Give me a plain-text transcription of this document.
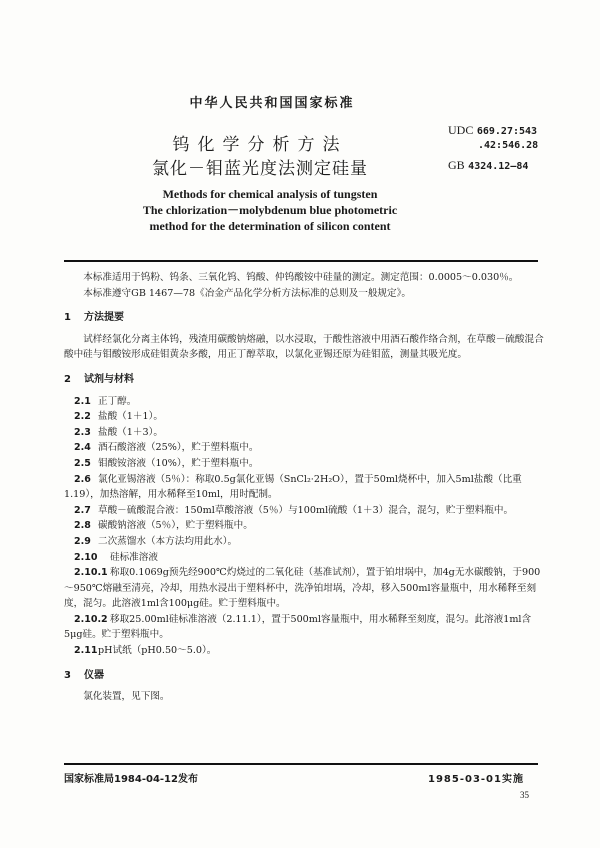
中华人民共和国国家标准
钨化学分析方法
氯化－钼蓝光度法测定硅量
UDC 669.27:543
.42:546.28
GB 4324.12—84
Methods for chemical analysis of tungsten
The chlorization－molybdenum blue photometric
method for the determination of silicon content

本标准适用于钨粉、钨条、三氧化钨、钨酸、仲钨酸铵中硅量的测定。测定范围：0.0005～0.030％。

本标准遵守GB 1467—78《冶金产品化学分析方法标准的总则及一般规定》。

1 方法提要

试样经氯化分离主体钨，残渣用碳酸钠熔融，以水浸取，于酸性溶液中用酒石酸作络合剂，在草酸－硫酸混合酸中硅与钼酸铵形成硅钼黄杂多酸，用正丁醇萃取，以氯化亚锡还原为硅钼蓝，测量其吸光度。

2 试剂与材料

2.1 正丁醇。

2.2 盐酸（1＋1）。

2.3 盐酸（1＋3）。

2.4 酒石酸溶液（25%），贮于塑料瓶中。

2.5 钼酸铵溶液（10%），贮于塑料瓶中。

2.6 氯化亚锡溶液（5％）：称取0.5g氯化亚锡（SnCl₂·2H₂O），置于50ml烧杯中，加入5ml盐酸（比重1.19），加热溶解，用水稀释至10ml，用时配制。

2.7 草酸－硫酸混合液：150ml草酸溶液（5％）与100ml硫酸（1＋3）混合，混匀，贮于塑料瓶中。

2.8 碳酸钠溶液（5％），贮于塑料瓶中。

2.9 二次蒸馏水（本方法均用此水）。

2.10 硅标准溶液

2.10.1 称取0.1069g预先经900℃灼烧过的二氧化硅（基准试剂），置于铂坩埚中，加4g无水碳酸钠，于900～950℃熔融至清亮，冷却，用热水浸出于塑料杯中，洗净铂坩埚，冷却，移入500ml容量瓶中，用水稀释至刻度，混匀。此溶液1ml含100μg硅。贮于塑料瓶中。

2.10.2 移取25.00ml硅标准溶液（2.11.1），置于500ml容量瓶中，用水稀释至刻度，混匀。此溶液1ml含5μg硅。贮于塑料瓶中。

2.11pH试纸（pH0.50～5.0）。

3 仪器

氯化装置，见下图。

国家标准局1984-04-12发布	1985-03-01实施
35
